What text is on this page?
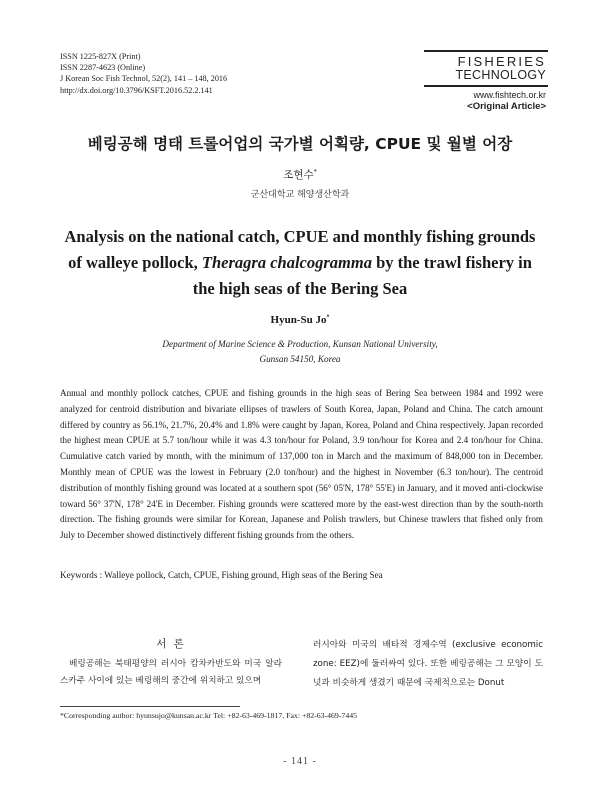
ISSN 1225-827X (Print)
ISSN 2287-4623 (Online)
J Korean Soc Fish Technol, 52(2), 141 – 148, 2016
http://dx.doi.org/10.3796/KSFT.2016.52.2.141
FISHERIES
TECHNOLOGY
www.fishtech.or.kr
<Original Article>
베링공해 명태 트롤어업의 국가별 어획량, CPUE 및 월별 어장
조현수*
군산대학교 해양생산학과
Analysis on the national catch, CPUE and monthly fishing grounds of walleye pollock, Theragra chalcogramma by the trawl fishery in the high seas of the Bering Sea
Hyun-Su Jo*
Department of Marine Science & Production, Kunsan National University,
Gunsan 54150, Korea
Annual and monthly pollock catches, CPUE and fishing grounds in the high seas of Bering Sea between 1984 and 1992 were analyzed for centroid distribution and bivariate ellipses of trawlers of South Korea, Japan, Poland and China. The catch amount differed by country as 56.1%, 21.7%, 20.4% and 1.8% were caught by Japan, Korea, Poland and China respectively. Japan recorded the highest mean CPUE at 5.7 ton/hour while it was 4.3 ton/hour for Poland, 3.9 ton/hour for Korea and 2.4 ton/hour for China. Cumulative catch varied by month, with the minimum of 137,000 ton in March and the maximum of 848,000 ton in December. Monthly mean of CPUE was the lowest in February (2.0 ton/hour) and the highest in November (6.3 ton/hour). The centroid distribution of monthly fishing ground was located at a southern spot (56° 05'N, 178° 55'E) in January, and it moved anti-clockwise toward 56° 37'N, 178° 24'E in December. Fishing grounds were scattered more by the east-west direction than by the south-north direction. The fishing grounds were similar for Korean, Japanese and Polish trawlers, but Chinese trawlers that fished only from July to December showed distinctively different fishing grounds from the others.
Keywords : Walleye pollock, Catch, CPUE, Fishing ground, High seas of the Bering Sea
서 론
베링공해는 북태평양의 러시아 캄차카반도와 미국 알라스카주 사이에 있는 베링해의 중간에 위치하고 있으며
러시아와 미국의 배타적 경제수역 (exclusive economic zone: EEZ)에 둘러싸여 있다. 또한 베링공해는 그 모양이 도넛과 비슷하게 생겼기 때문에 국제적으로는 Donut
*Corresponding author: hyunsujo@kunsan.ac.kr Tel: +82-63-469-1817, Fax: +82-63-469-7445
- 141 -
